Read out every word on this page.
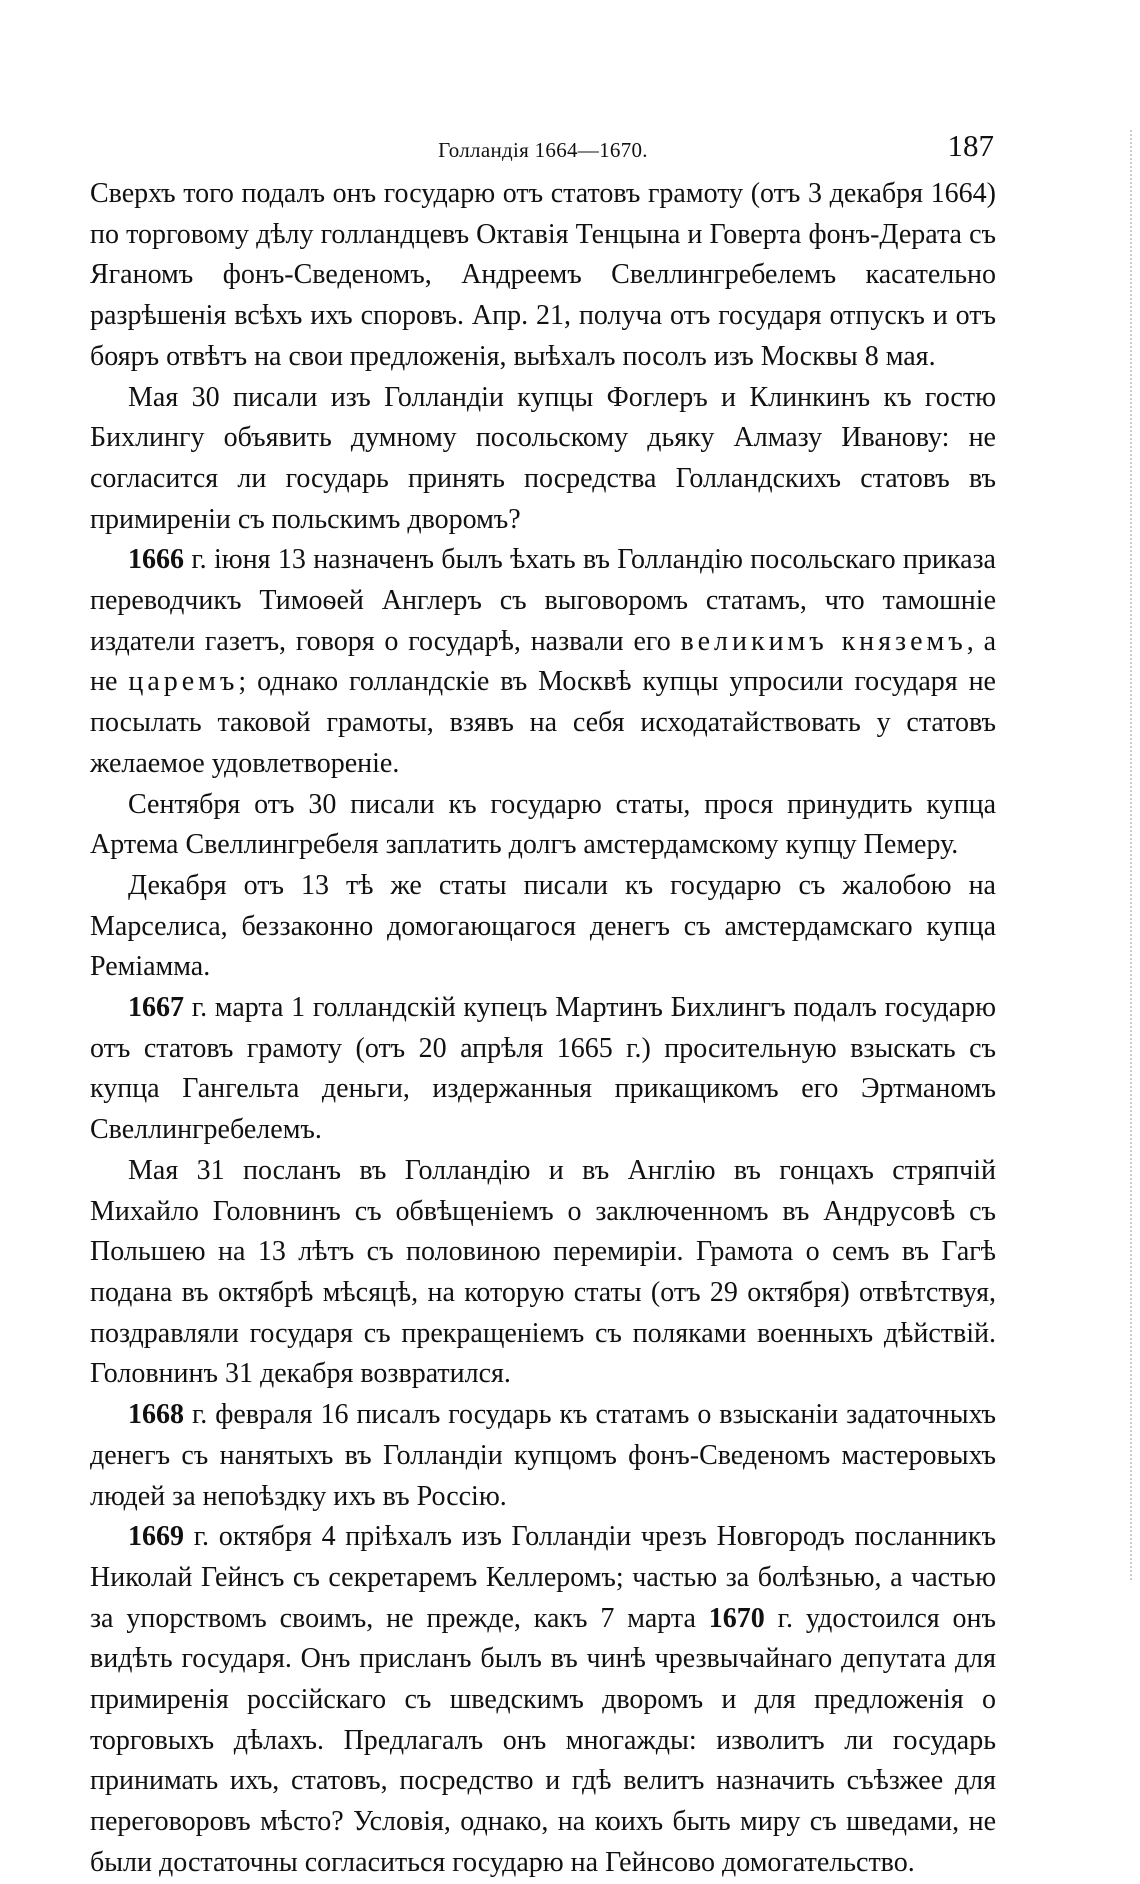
Голландія 1664—1670.	187

Сверхъ того подалъ онъ государю отъ статовъ грамоту (отъ 3 декабря 1664) по торговому дѣлу голландцевъ Октавія Тенцына и Говерта фонъ-Дерата съ Яганомъ фонъ-Сведеномъ, Андреемъ Свеллингребелемъ касательно разрѣшенія всѣхъ ихъ споровъ. Апр. 21, получа отъ государя отпускъ и отъ бояръ отвѣтъ на свои предложенія, выѣхалъ посолъ изъ Москвы 8 мая.

Мая 30 писали изъ Голландіи купцы Фоглеръ и Клинкинъ къ гостю Бихлингу объявить думному посольскому дьяку Алмазу Иванову: не согласится ли государь принять посредства Голландскихъ статовъ въ примиреніи съ польскимъ дворомъ?

1666 г. іюня 13 назначенъ былъ ѣхать въ Голландію посольскаго приказа переводчикъ Тимоѳей Англеръ съ выговоромъ статамъ, что тамошніе издатели газетъ, говоря о государѣ, назвали его великимъ княземъ, а не царемъ; однако голландскіе въ Москвѣ купцы упросили государя не посылать таковой грамоты, взявъ на себя исходатайствовать у статовъ желаемое удовлетвореніе.

Сентября отъ 30 писали къ государю статы, прося принудить купца Артема Свеллингребеля заплатить долгъ амстердамскому купцу Пемеру.

Декабря отъ 13 тѣ же статы писали къ государю съ жалобою на Марселиса, беззаконно домогающагося денегъ съ амстердамскаго купца Реміамма.

1667 г. марта 1 голландскій купецъ Мартинъ Бихлингъ подалъ государю отъ статовъ грамоту (отъ 20 апрѣля 1665 г.) просительную взыскать съ купца Гангельта деньги, издержанныя прикащикомъ его Эртманомъ Свеллингребелемъ.

Мая 31 посланъ въ Голландію и въ Англію въ гонцахъ стряпчій Михайло Головнинъ съ обвѣщеніемъ о заключенномъ въ Андрусовѣ съ Польшею на 13 лѣтъ съ половиною перемиріи. Грамота о семъ въ Гагѣ подана въ октябрѣ мѣсяцѣ, на которую статы (отъ 29 октября) отвѣтствуя, поздравляли государя съ прекращеніемъ съ поляками военныхъ дѣйствій. Головнинъ 31 декабря возвратился.

1668 г. февраля 16 писалъ государь къ статамъ о взысканіи задаточныхъ денегъ съ нанятыхъ въ Голландіи купцомъ фонъ-Сведеномъ мастеровыхъ людей за непоѣздку ихъ въ Россію.

1669 г. октября 4 пріѣхалъ изъ Голландіи чрезъ Новгородъ посланникъ Николай Гейнсъ съ секретаремъ Келлеромъ; частью за болѣзнью, а частью за упорствомъ своимъ, не прежде, какъ 7 марта 1670 г. удостоился онъ видѣть государя. Онъ присланъ былъ въ чинѣ чрезвычайнаго депутата для примиренія россійскаго съ шведскимъ дворомъ и для предложенія о торговыхъ дѣлахъ. Предлагалъ онъ многажды: изволитъ ли государь принимать ихъ, статовъ, посредство и гдѣ велитъ назначить съѣзжее для переговоровъ мѣсто? Условія, однако, на коихъ быть миру съ шведами, не были достаточны согласиться государю на Гейнсово домогательство.
